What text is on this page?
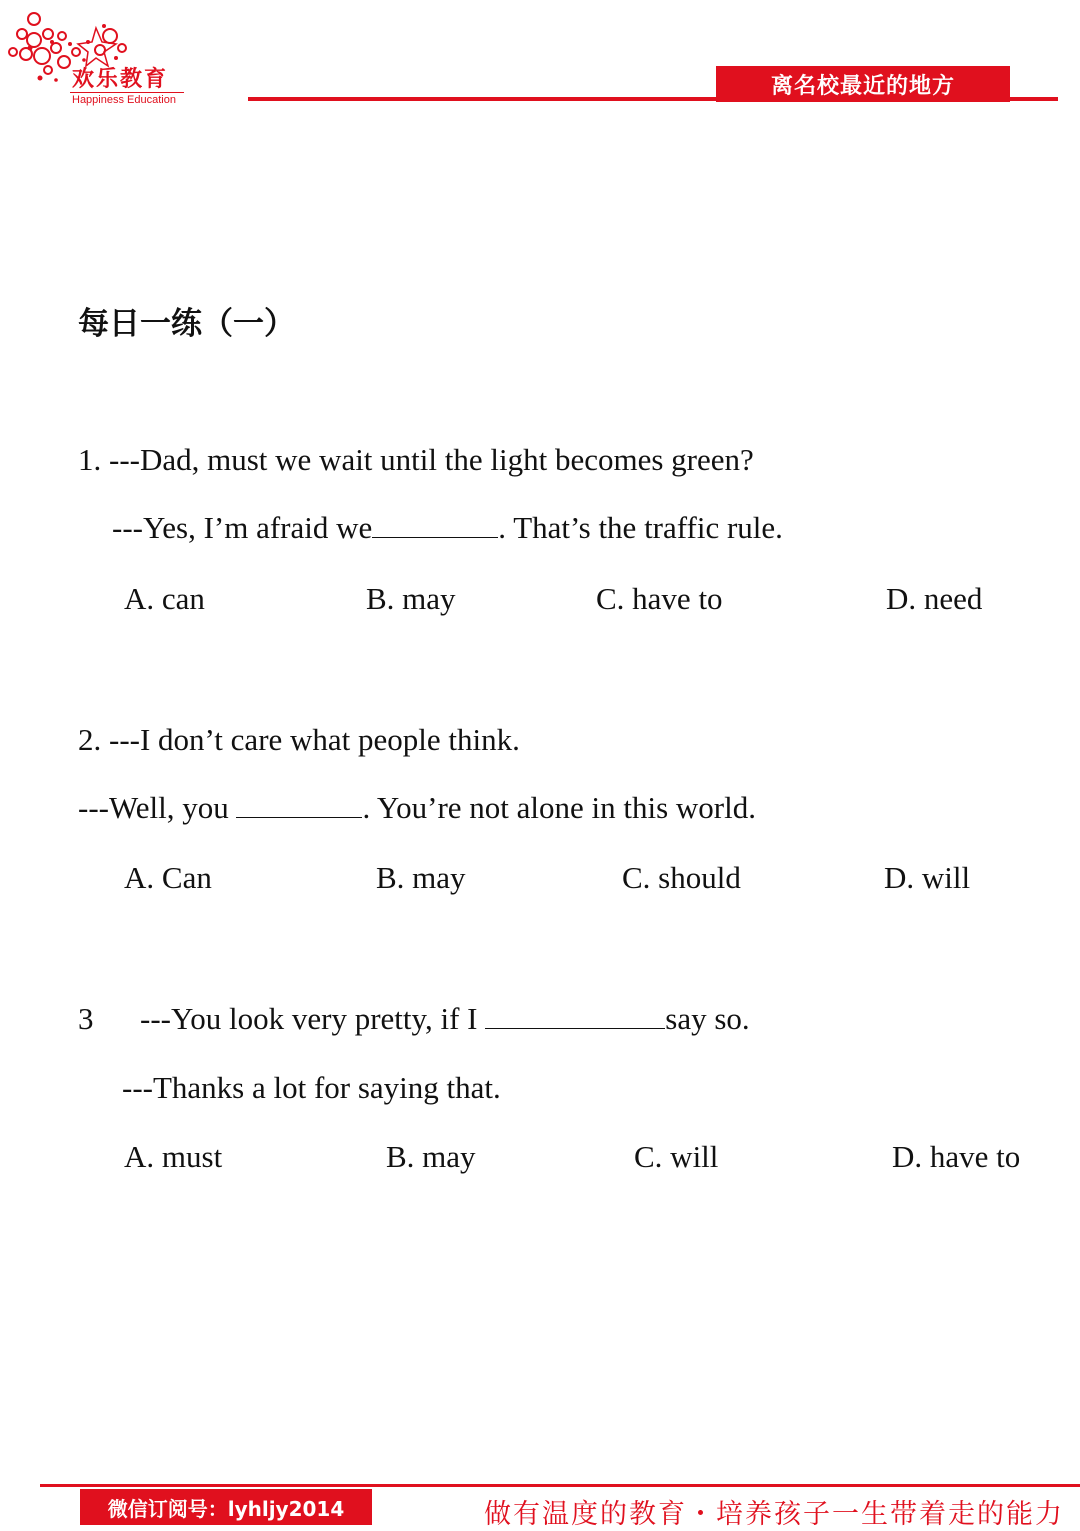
欢乐教育
Happiness Education
离名校最近的地方
每日一练（一）
1. ---Dad, must we wait until the light becomes green?
---Yes, I’m afraid we	. That’s the traffic rule.
A. can	B. may	C. have to	D. need
2. ---I don’t care what people think.
---Well, you	. You’re not alone in this world.
A. Can	B. may	C. should	D. will
3 ---You look very pretty, if I	say so.
---Thanks a lot for saying that.
A. must	B. may	C. will	D. have to
微信订阅号：lyhljy2014	做有温度的教育・培养孩子一生带着走的能力
